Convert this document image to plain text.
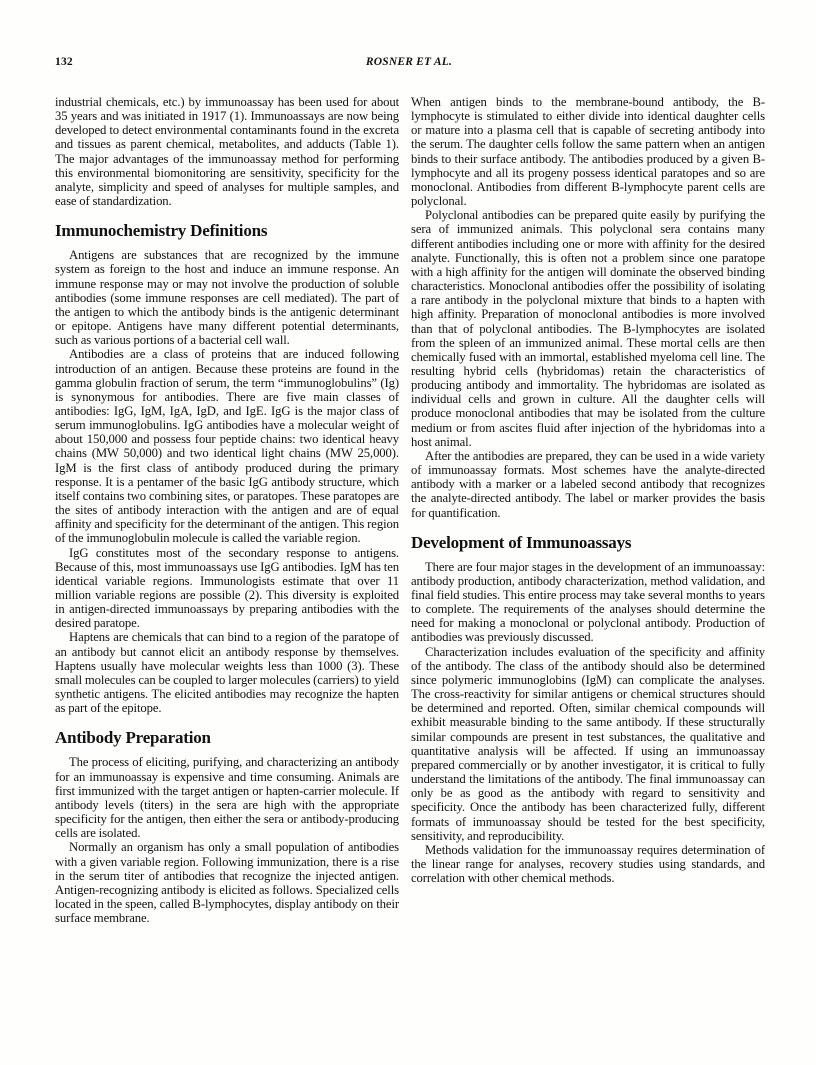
132	ROSNER ET AL.

industrial chemicals, etc.) by immunoassay has been used for about 35 years and was initiated in 1917 (1). Immunoassays are now being developed to detect environmental contaminants found in the excreta and tissues as parent chemical, metabolites, and adducts (Table 1). The major advantages of the immunoassay method for performing this environmental biomonitoring are sensitivity, specificity for the analyte, simplicity and speed of analyses for multiple samples, and ease of standardization.

Immunochemistry Definitions

Antigens are substances that are recognized by the immune system as foreign to the host and induce an immune response. An immune response may or may not involve the production of soluble antibodies (some immune responses are cell mediated). The part of the antigen to which the antibody binds is the antigenic determinant or epitope. Antigens have many different potential determinants, such as various portions of a bacterial cell wall.

Antibodies are a class of proteins that are induced following introduction of an antigen. Because these proteins are found in the gamma globulin fraction of serum, the term “immunoglobulins” (Ig) is synonymous for antibodies. There are five main classes of antibodies: IgG, IgM, IgA, IgD, and IgE. IgG is the major class of serum immunoglobulins. IgG antibodies have a molecular weight of about 150,000 and possess four peptide chains: two identical heavy chains (MW 50,000) and two identical light chains (MW 25,000). IgM is the first class of antibody produced during the primary response. It is a pentamer of the basic IgG antibody structure, which itself contains two combining sites, or paratopes. These paratopes are the sites of antibody interaction with the antigen and are of equal affinity and specificity for the determinant of the antigen. This region of the immunoglobulin molecule is called the variable region.

IgG constitutes most of the secondary response to antigens. Because of this, most immunoassays use IgG antibodies. IgM has ten identical variable regions. Immunologists estimate that over 11 million variable regions are possible (2). This diversity is exploited in antigen-directed immunoassays by preparing antibodies with the desired paratope.

Haptens are chemicals that can bind to a region of the paratope of an antibody but cannot elicit an antibody response by themselves. Haptens usually have molecular weights less than 1000 (3). These small molecules can be coupled to larger molecules (carriers) to yield synthetic antigens. The elicited antibodies may recognize the hapten as part of the epitope.

Antibody Preparation

The process of eliciting, purifying, and characterizing an antibody for an immunoassay is expensive and time consuming. Animals are first immunized with the target antigen or hapten-carrier molecule. If antibody levels (titers) in the sera are high with the appropriate specificity for the antigen, then either the sera or antibody-producing cells are isolated.

Normally an organism has only a small population of antibodies with a given variable region. Following immunization, there is a rise in the serum titer of antibodies that recognize the injected antigen. Antigen-recognizing antibody is elicited as follows. Specialized cells located in the speen, called B-lymphocytes, display antibody on their surface membrane.

When antigen binds to the membrane-bound antibody, the B-lymphocyte is stimulated to either divide into identical daughter cells or mature into a plasma cell that is capable of secreting antibody into the serum. The daughter cells follow the same pattern when an antigen binds to their surface antibody. The antibodies produced by a given B-lymphocyte and all its progeny possess identical paratopes and so are monoclonal. Antibodies from different B-lymphocyte parent cells are polyclonal.

Polyclonal antibodies can be prepared quite easily by purifying the sera of immunized animals. This polyclonal sera contains many different antibodies including one or more with affinity for the desired analyte. Functionally, this is often not a problem since one paratope with a high affinity for the antigen will dominate the observed binding characteristics. Monoclonal antibodies offer the possibility of isolating a rare antibody in the polyclonal mixture that binds to a hapten with high affinity. Preparation of monoclonal antibodies is more involved than that of polyclonal antibodies. The B-lymphocytes are isolated from the spleen of an immunized animal. These mortal cells are then chemically fused with an immortal, established myeloma cell line. The resulting hybrid cells (hybridomas) retain the characteristics of producing antibody and immortality. The hybridomas are isolated as individual cells and grown in culture. All the daughter cells will produce monoclonal antibodies that may be isolated from the culture medium or from ascites fluid after injection of the hybridomas into a host animal.

After the antibodies are prepared, they can be used in a wide variety of immunoassay formats. Most schemes have the analyte-directed antibody with a marker or a labeled second antibody that recognizes the analyte-directed antibody. The label or marker provides the basis for quantification.

Development of Immunoassays

There are four major stages in the development of an immunoassay: antibody production, antibody characterization, method validation, and final field studies. This entire process may take several months to years to complete. The requirements of the analyses should determine the need for making a monoclonal or polyclonal antibody. Production of antibodies was previously discussed.

Characterization includes evaluation of the specificity and affinity of the antibody. The class of the antibody should also be determined since polymeric immunoglobins (IgM) can complicate the analyses. The cross-reactivity for similar antigens or chemical structures should be determined and reported. Often, similar chemical compounds will exhibit measurable binding to the same antibody. If these structurally similar compounds are present in test substances, the qualitative and quantitative analysis will be affected. If using an immunoassay prepared commercially or by another investigator, it is critical to fully understand the limitations of the antibody. The final immunoassay can only be as good as the antibody with regard to sensitivity and specificity. Once the antibody has been characterized fully, different formats of immunoassay should be tested for the best specificity, sensitivity, and reproducibility.

Methods validation for the immunoassay requires determination of the linear range for analyses, recovery studies using standards, and correlation with other chemical methods.
